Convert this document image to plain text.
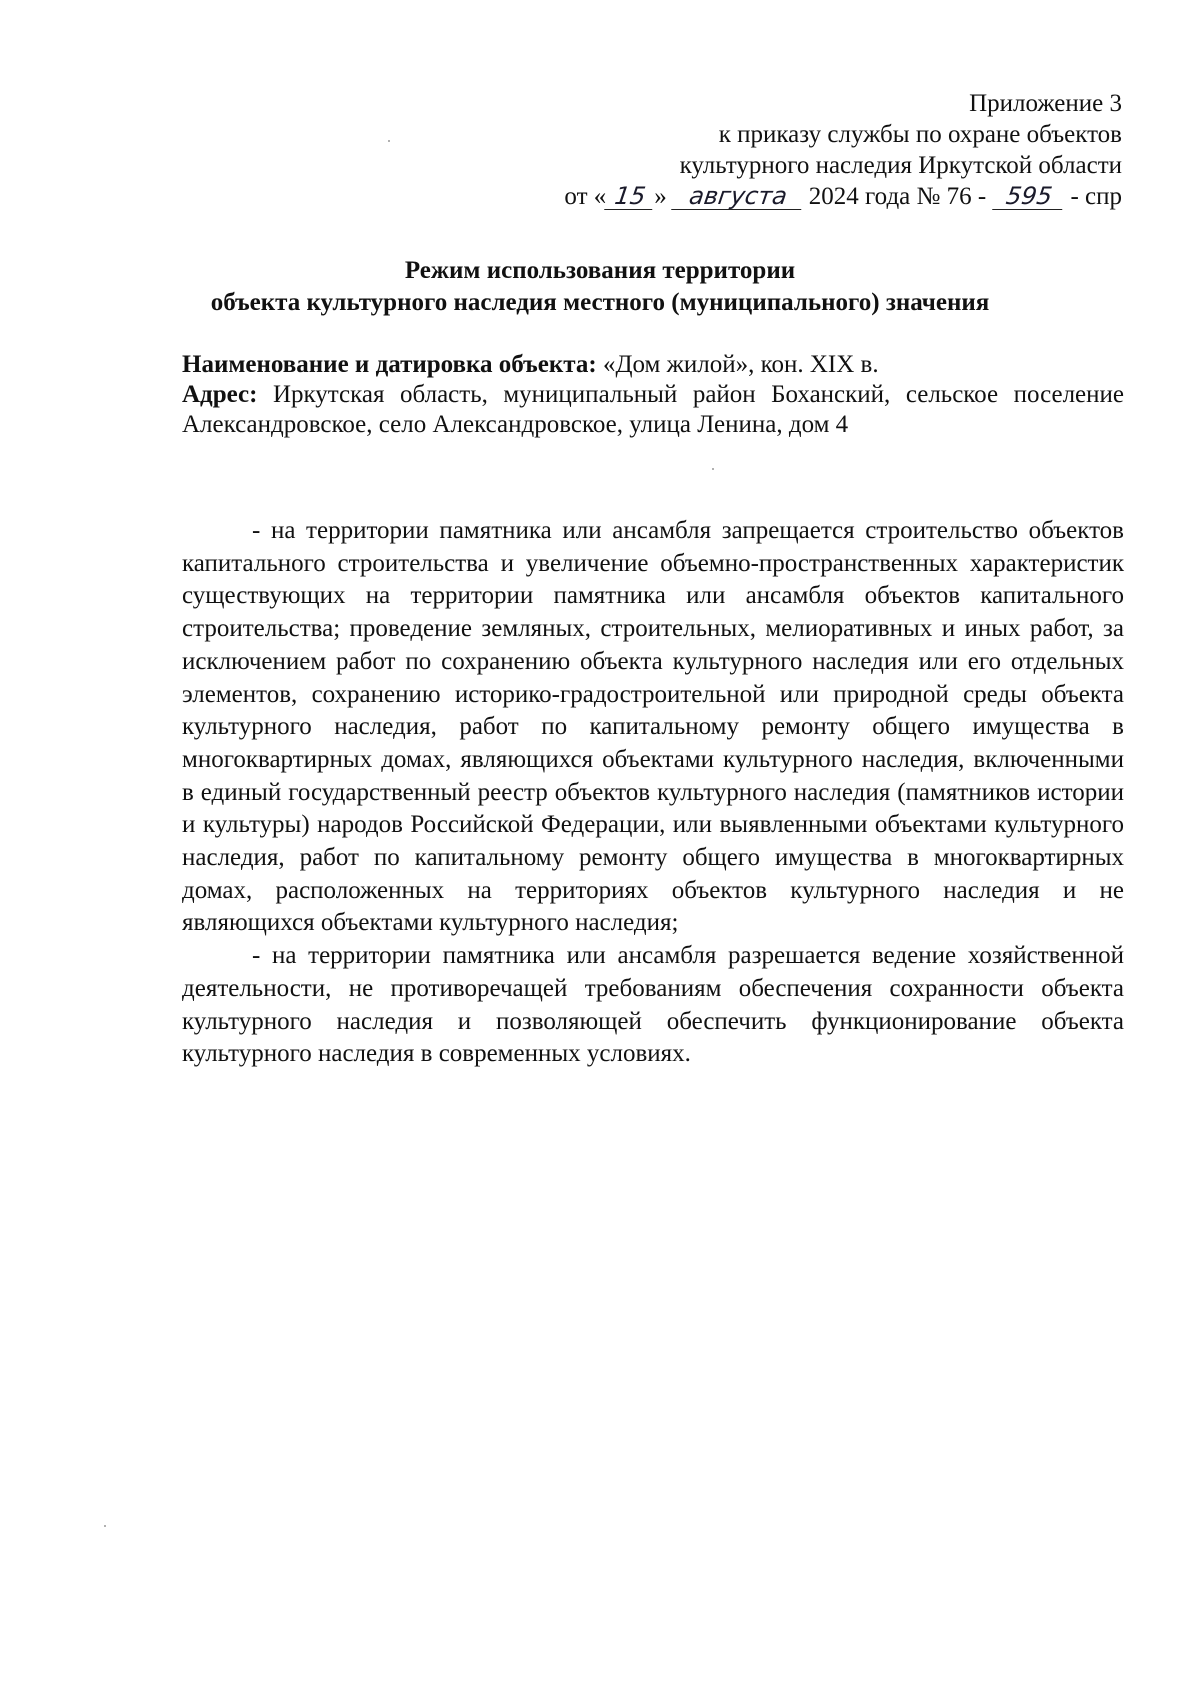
Приложение 3
к приказу службы по охране объектов
культурного наследия Иркутской области
от « 15 » августа 2024 года № 76 - 595 - спр
Режим использования территории
объекта культурного наследия местного (муниципального) значения

Наименование и датировка объекта: «Дом жилой», кон. XIX в.

Адрес: Иркутская область, муниципальный район Боханский, сельское поселение Александровское, село Александровское, улица Ленина, дом 4

- на территории памятника или ансамбля запрещается строительство объектов капитального строительства и увеличение объемно-пространственных характеристик существующих на территории памятника или ансамбля объектов капитального строительства; проведение земляных, строительных, мелиоративных и иных работ, за исключением работ по сохранению объекта культурного наследия или его отдельных элементов, сохранению историко-градостроительной или природной среды объекта культурного наследия, работ по капитальному ремонту общего имущества в многоквартирных домах, являющихся объектами культурного наследия, включенными в единый государственный реестр объектов культурного наследия (памятников истории и культуры) народов Российской Федерации, или выявленными объектами культурного наследия, работ по капитальному ремонту общего имущества в многоквартирных домах, расположенных на территориях объектов культурного наследия и не являющихся объектами культурного наследия;

- на территории памятника или ансамбля разрешается ведение хозяйственной деятельности, не противоречащей требованиям обеспечения сохранности объекта культурного наследия и позволяющей обеспечить функционирование объекта культурного наследия в современных условиях.
